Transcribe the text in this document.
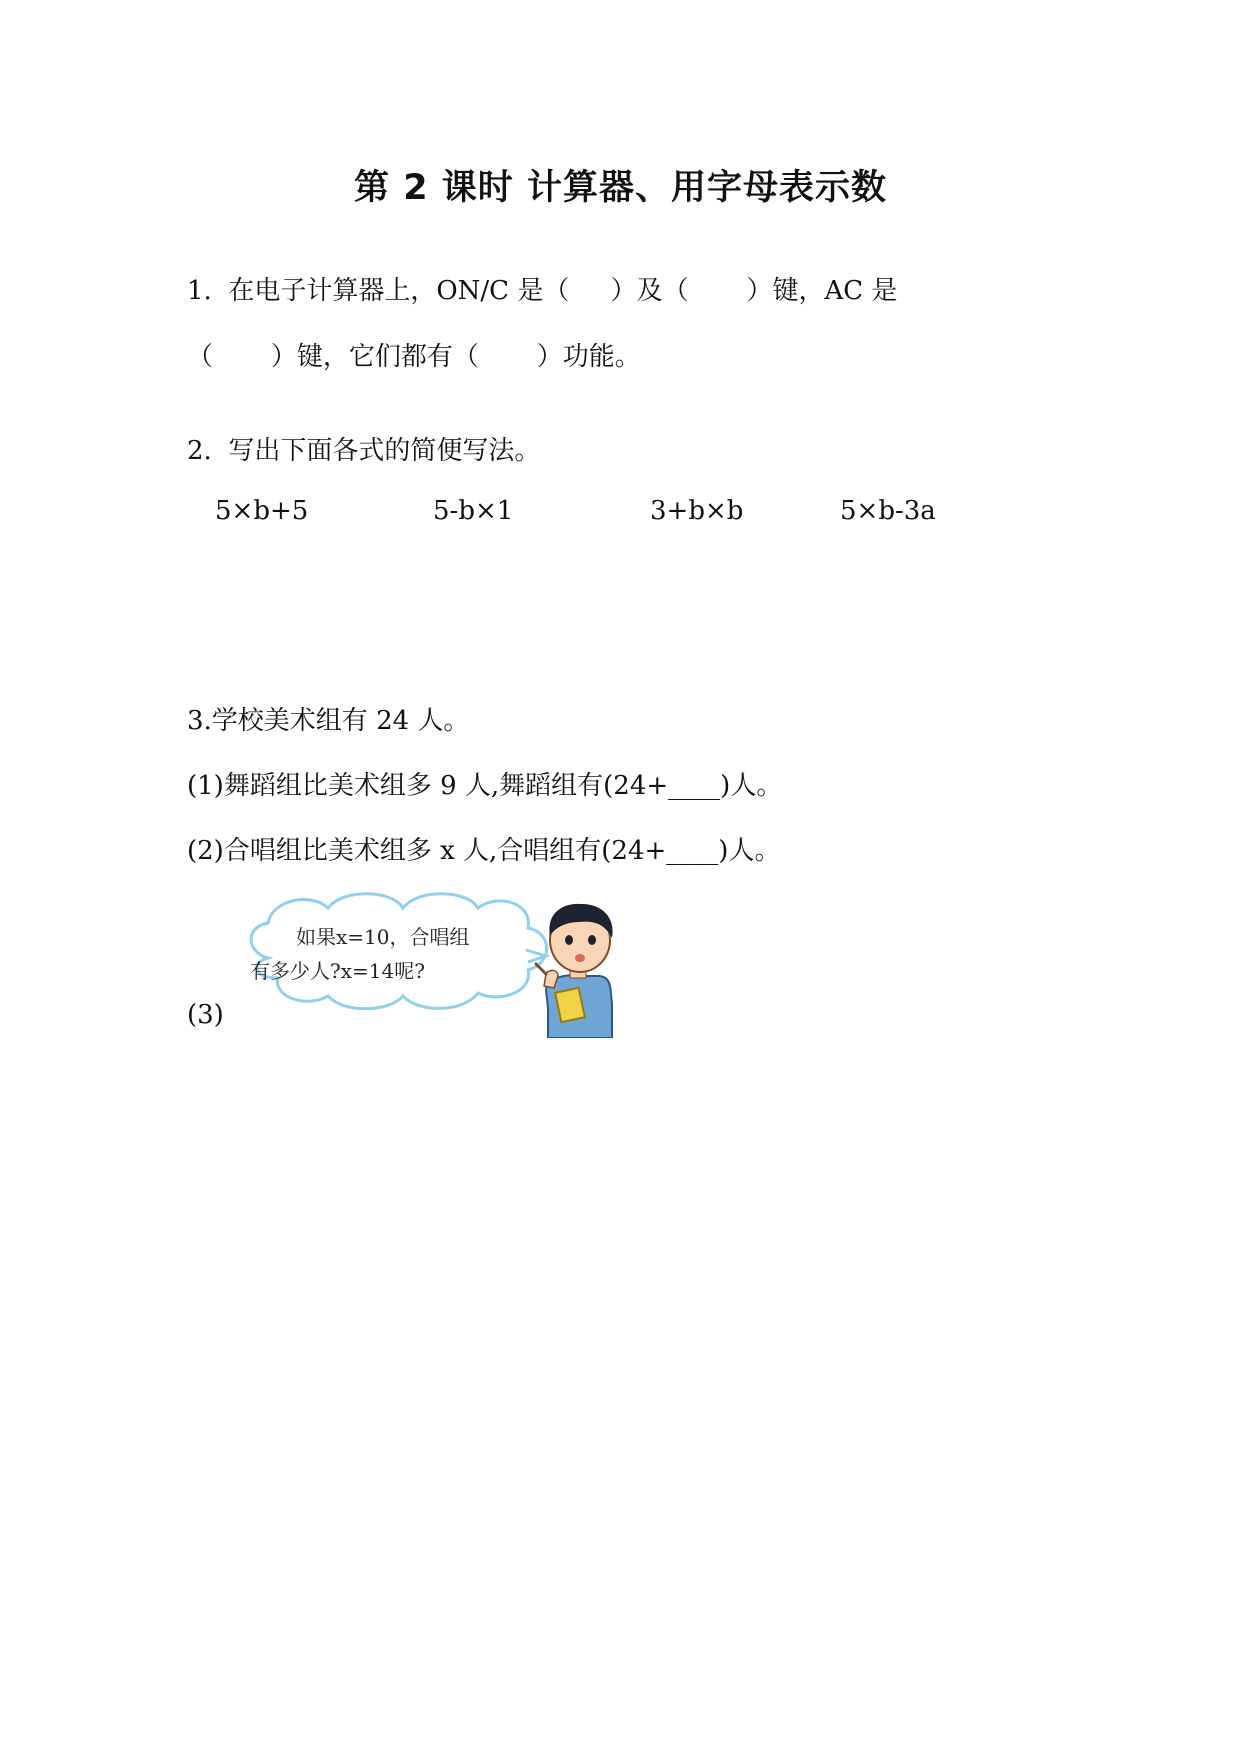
第 2 课时 计算器、用字母表示数
1.  在电子计算器上，ON/C 是（     ）及（       ）键，AC 是
（       ）键，它们都有（       ）功能。
2.  写出下面各式的简便写法。
5×b+5	5-b×1	3+b×b	5×b-3a
3.学校美术组有 24 人。
(1)舞蹈组比美术组多 9 人,舞蹈组有(24+____)人。
(2)合唱组比美术组多 x 人,合唱组有(24+____)人。
(3)
如果x=10，合唱组
有多少人?x=14呢?
